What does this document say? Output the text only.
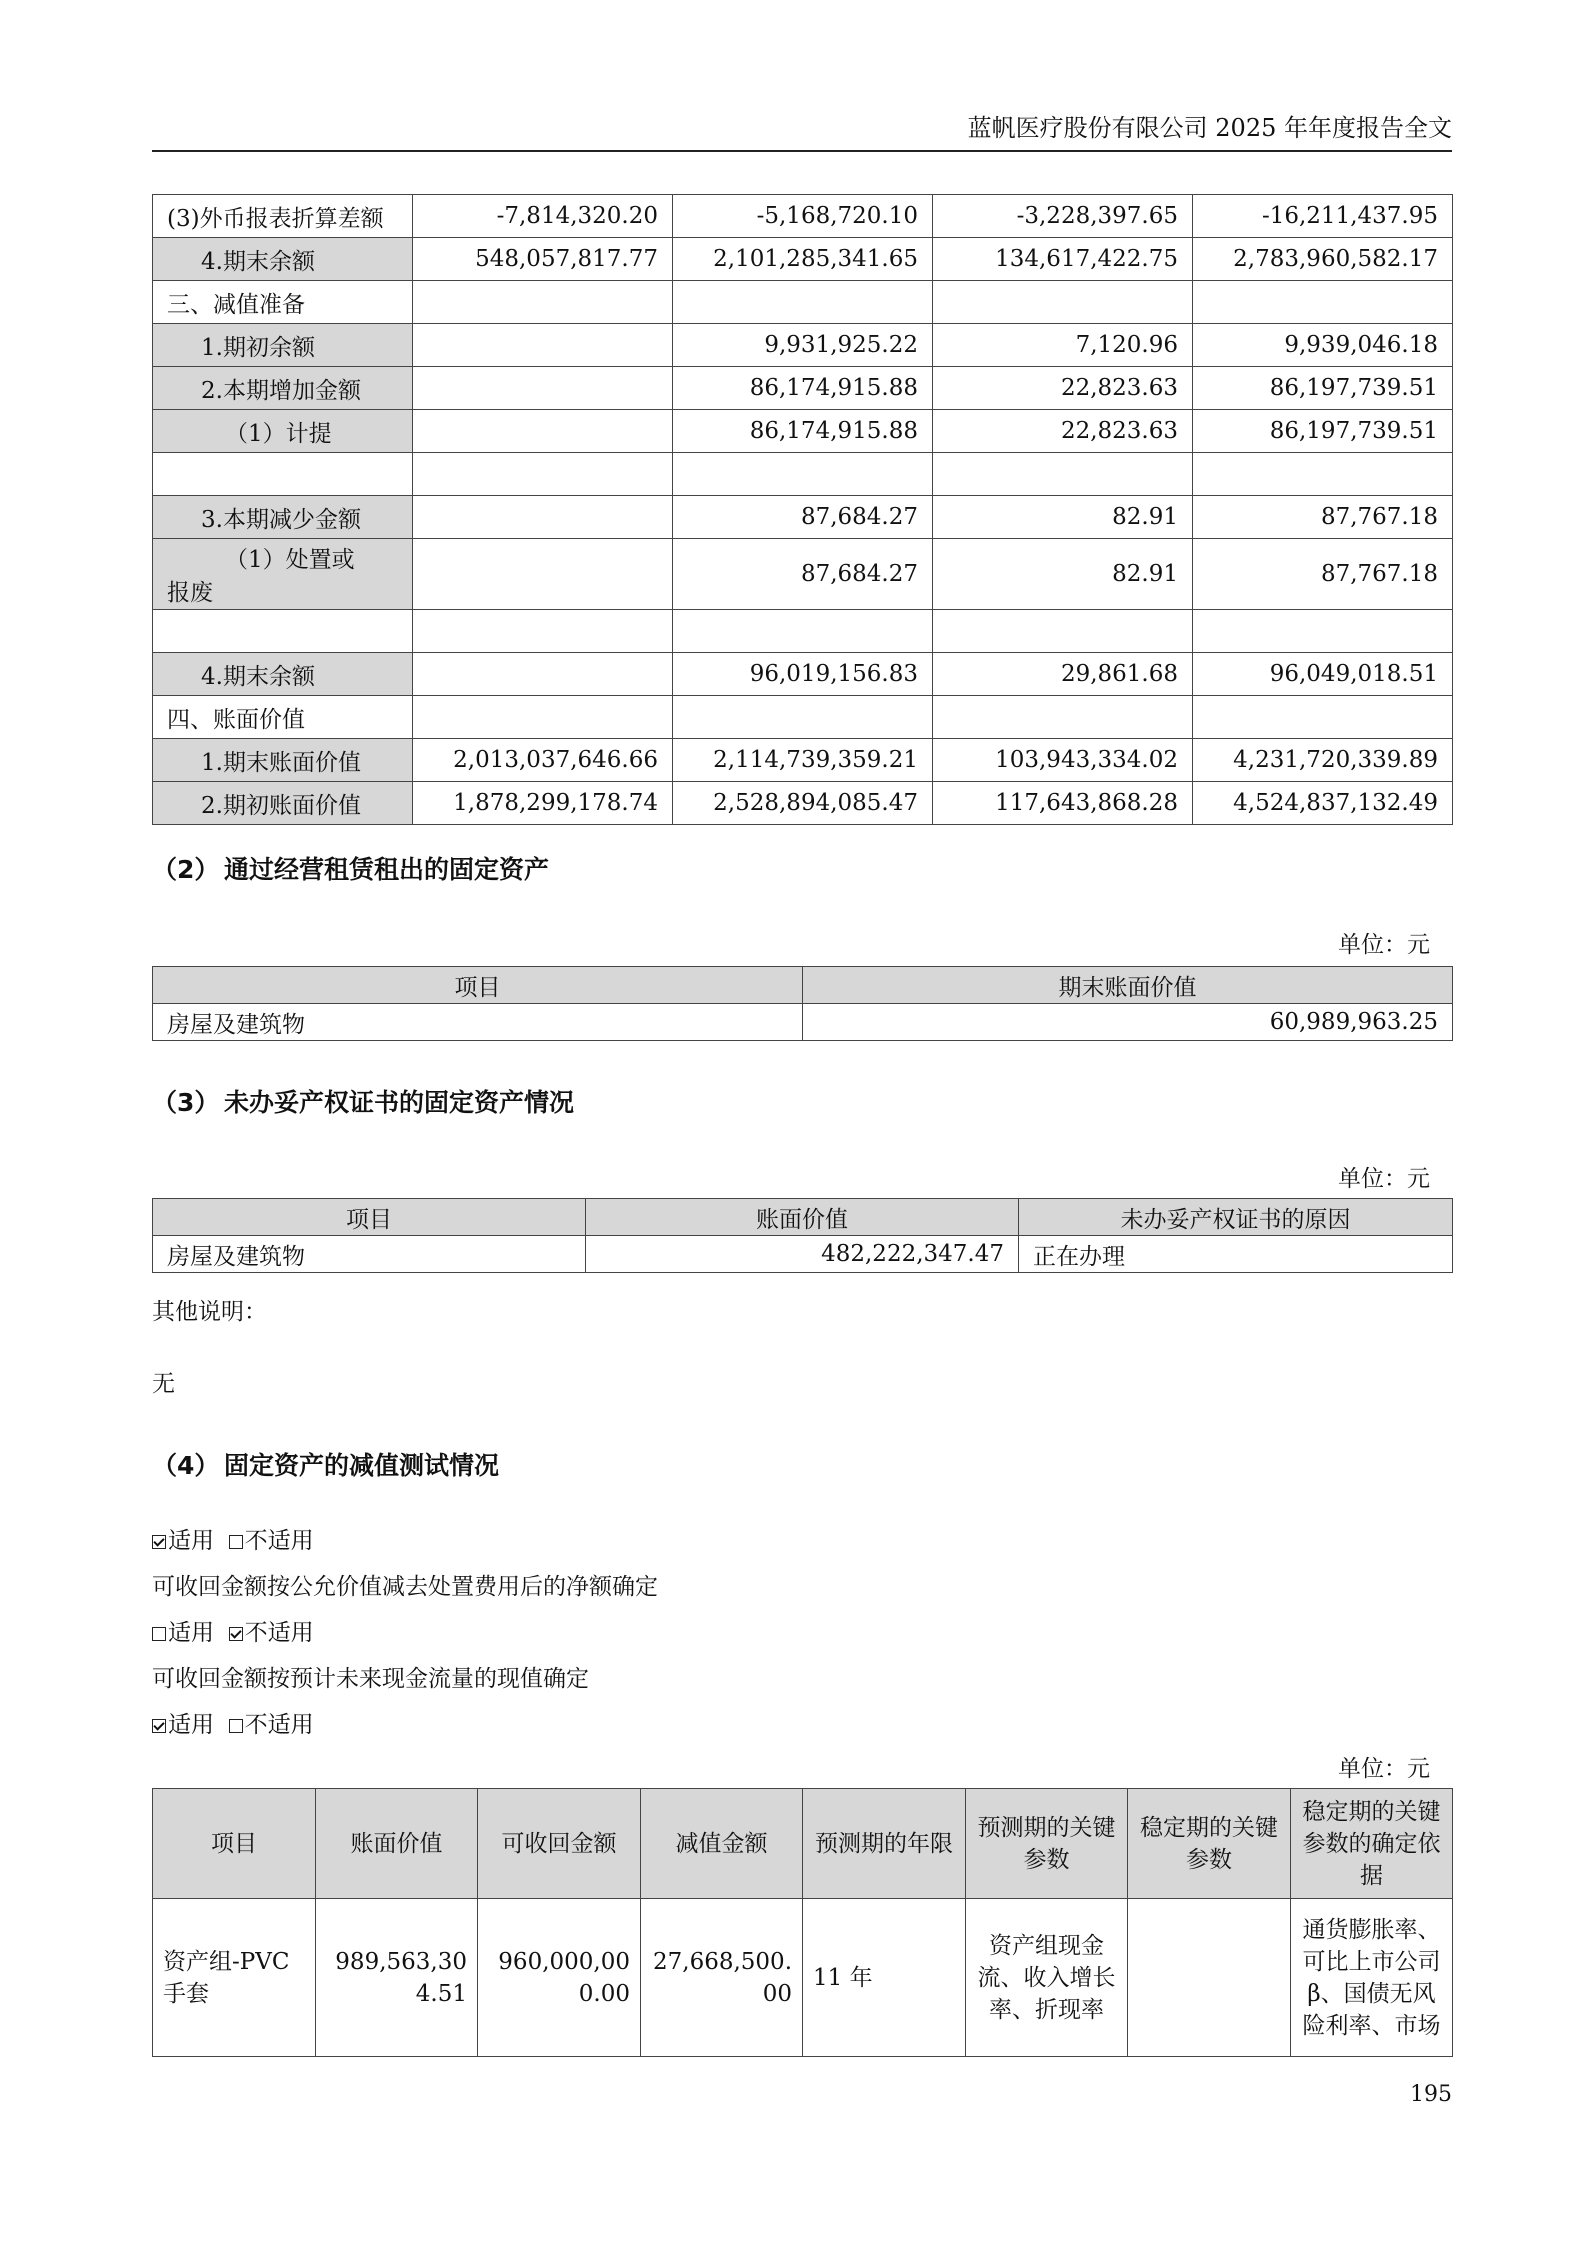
蓝帆医疗股份有限公司 2025 年年度报告全文
(3)外币报表折算差额	-7,814,320.20	-5,168,720.10	-3,228,397.65	-16,211,437.95

4.期末余额	548,057,817.77	2,101,285,341.65	134,617,422.75	2,783,960,582.17

三、减值准备				

1.期初余额		9,931,925.22	7,120.96	9,939,046.18

2.本期增加金额		86,174,915.88	22,823.63	86,197,739.51

（1）计提		86,174,915.88	22,823.63	86,197,739.51

3.本期减少金额		87,684.27	82.91	87,767.18

（1）处置或
报废		87,684.27	82.91	87,767.18

4.期末余额		96,019,156.83	29,861.68	96,049,018.51

四、账面价值				

1.期末账面价值	2,013,037,646.66	2,114,739,359.21	103,943,334.02	4,231,720,339.89

2.期初账面价值	1,878,299,178.74	2,528,894,085.47	117,643,868.28	4,524,837,132.49
（2） 通过经营租赁租出的固定资产
单位：元
项目	期末账面价值
房屋及建筑物	60,989,963.25
（3） 未办妥产权证书的固定资产情况
单位：元
项目	账面价值	未办妥产权证书的原因
房屋及建筑物	482,222,347.47	正在办理
其他说明：
无
（4） 固定资产的减值测试情况
适用 不适用
可收回金额按公允价值减去处置费用后的净额确定
适用 不适用
可收回金额按预计未来现金流量的现值确定
适用 不适用
单位：元
项目	账面价值	可收回金额	减值金额	预测期的年限	预测期的关键参数	稳定期的关键参数	稳定期的关键参数的确定依据
资产组-PVC手套	989,563,304.51	960,000,000.00	27,668,500.00	11 年	资产组现金流、收入增长率、折现率		通货膨胀率、可比上市公司β、国债无风险利率、市场
195
